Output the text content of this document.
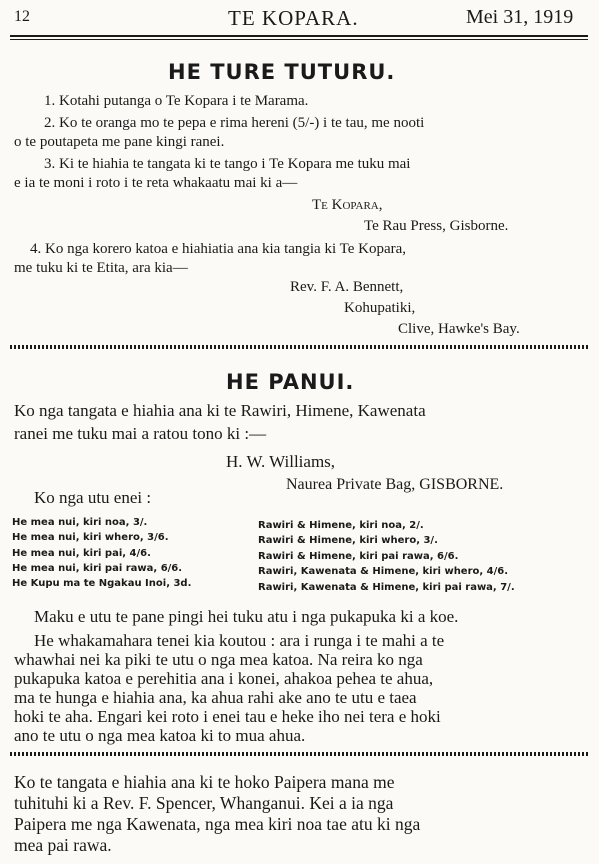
12	TE KOPARA.	Mei 31, 1919
HE TURE TUTURU.
1. Kotahi putanga o Te Kopara i te Marama.
2. Ko te oranga mo te pepa e rima hereni (5/-) i te tau, me nooti
o te poutapeta me pane kingi ranei.
3. Ki te hiahia te tangata ki te tango i Te Kopara me tuku mai
e ia te moni i roto i te reta whakaatu mai ki a—
Te Kopara,
Te Rau Press, Gisborne.
4. Ko nga korero katoa e hiahiatia ana kia tangia ki Te Kopara,
me tuku ki te Etita, ara kia—
Rev. F. A. Bennett,
Kohupatiki,
Clive, Hawke's Bay.
HE PANUI.
Ko nga tangata e hiahia ana ki te Rawiri, Himene, Kawenata
ranei me tuku mai a ratou tono ki :—
H. W. Williams,
Naurea Private Bag, GISBORNE.
Ko nga utu enei :
He mea nui, kiri noa, 3/.
He mea nui, kiri whero, 3/6.
He mea nui, kiri pai, 4/6.
He mea nui, kiri pai rawa, 6/6.
He Kupu ma te Ngakau Inoi, 3d.
Rawiri & Himene, kiri noa, 2/.
Rawiri & Himene, kiri whero, 3/.
Rawiri & Himene, kiri pai rawa, 6/6.
Rawiri, Kawenata & Himene, kiri whero, 4/6.
Rawiri, Kawenata & Himene, kiri pai rawa, 7/.
Maku e utu te pane pingi hei tuku atu i nga pukapuka ki a koe.
He whakamahara tenei kia koutou : ara i runga i te mahi a te
whawhai nei ka piki te utu o nga mea katoa. Na reira ko nga
pukapuka katoa e perehitia ana i konei, ahakoa pehea te ahua,
ma te hunga e hiahia ana, ka ahua rahi ake ano te utu e taea
hoki te aha. Engari kei roto i enei tau e heke iho nei tera e hoki
ano te utu o nga mea katoa ki to mua ahua.
Ko te tangata e hiahia ana ki te hoko Paipera mana me
tuhituhi ki a Rev. F. Spencer, Whanganui. Kei a ia nga
Paipera me nga Kawenata, nga mea kiri noa tae atu ki nga
mea pai rawa.
